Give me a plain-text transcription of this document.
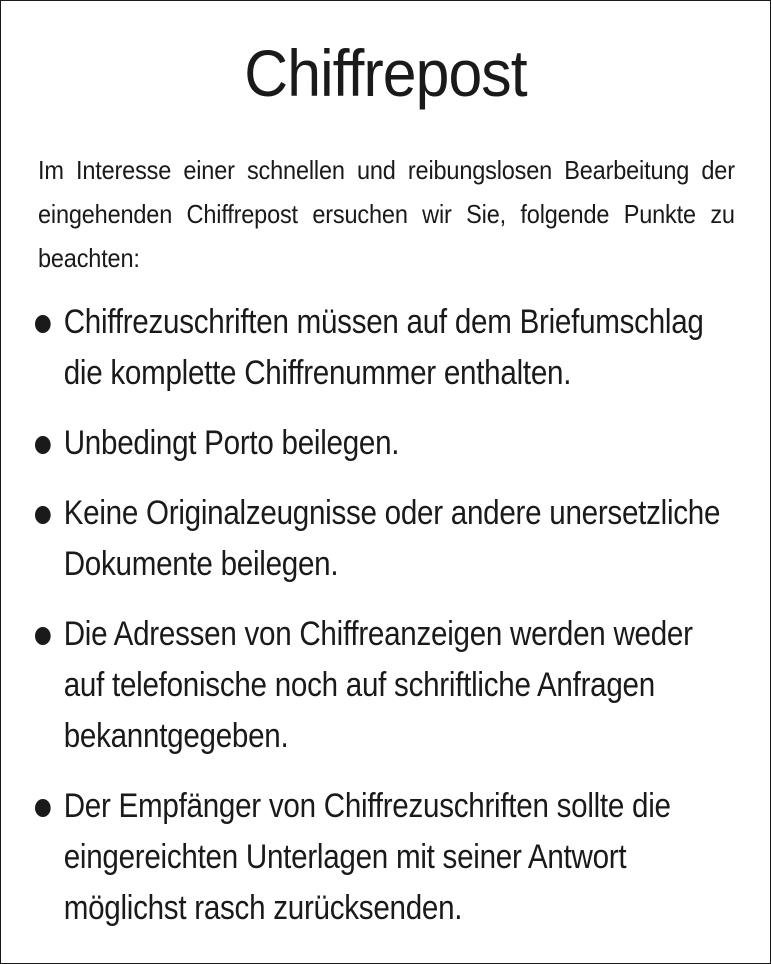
Chiffrepost
Im Interesse einer schnellen und reibungslosen Bearbeitung der eingehenden Chiffrepost ersuchen wir Sie, folgende Punkte zu beachten:
Chiffrezuschriften müssen auf dem Briefumschlag die komplette Chiffrenummer enthalten.
Unbedingt Porto beilegen.
Keine Originalzeugnisse oder andere unersetzliche Dokumente beilegen.
Die Adressen von Chiffreanzeigen werden weder auf telefonische noch auf schriftliche Anfragen bekanntgegeben.
Der Empfänger von Chiffrezuschriften sollte die eingereichten Unterlagen mit seiner Antwort möglichst rasch zurücksenden.
